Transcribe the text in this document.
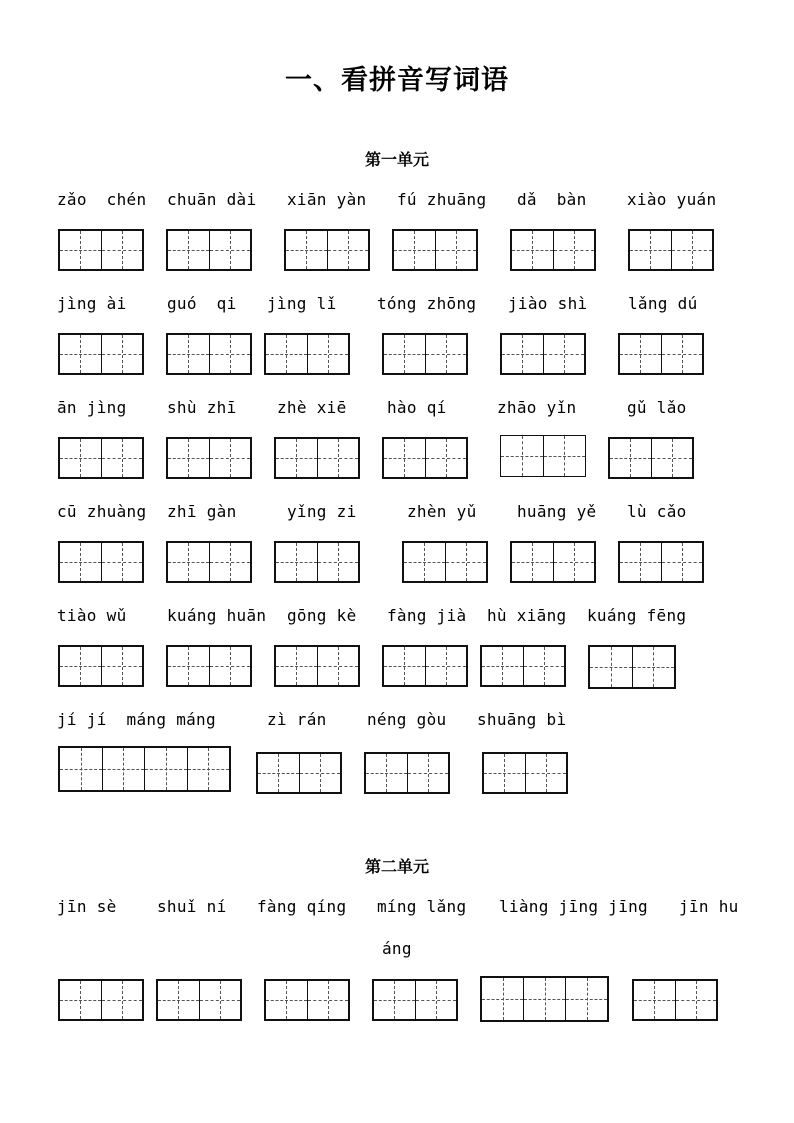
一、看拼音写词语
第一单元
第二单元
zǎo  chén chuān dài xiān yàn fú zhuāng dǎ  bàn	xiào yuán
jìng ài	guó  qi jìng lǐ	tóng zhōng jiào shì	lǎng dú
ān jìng	shù zhī	zhè xiē	hào qí	zhāo yǐn	gǔ lǎo
cū zhuàng zhī gàn	yǐng zi	zhèn yǔ	huāng yě lù cǎo
tiào wǔ	kuáng huān gōng kè fàng jià hù xiāng kuáng fēng
jí jí  máng máng	zì rán	néng gòu shuāng bì
jīn sè	shuǐ ní fàng qíng míng lǎng liàng jīng jīng jīn hu
áng
